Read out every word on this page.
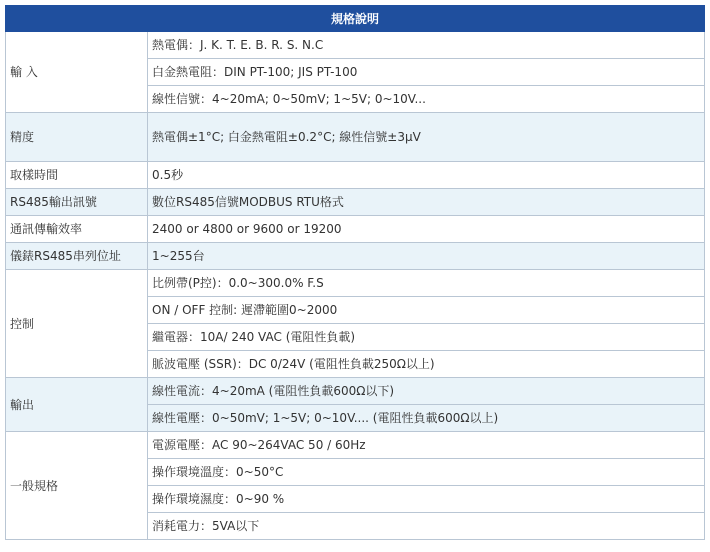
規格說明	
輸 入	熱電偶：J. K. T. E. B. R. S. N.C
	白金熱電阻：DIN PT-100; JIS PT-100
	線性信號：4~20mA; 0~50mV; 1~5V; 0~10V...
精度	熱電偶±1°C; 白金熱電阻±0.2°C; 線性信號±3μV
取樣時間	0.5秒
RS485輸出訊號	數位RS485信號MODBUS RTU格式
通訊傳輸效率	2400 or 4800 or 9600 or 19200
儀錶RS485串列位址	1~255台
控制	比例帶(P控)：0.0~300.0% F.S
	ON / OFF 控制: 遲滯範圍0~2000
	繼電器：10A/ 240 VAC (電阻性負載)
	脈波電壓 (SSR)：DC 0/24V (電阻性負載250Ω以上)
輸出	線性電流：4~20mA (電阻性負載600Ω以下)
	線性電壓：0~50mV; 1~5V; 0~10V.... (電阻性負載600Ω以上)
一般規格	電源電壓：AC 90~264VAC 50 / 60Hz
	操作環境溫度：0~50°C
	操作環境濕度：0~90 %
	消耗電力：5VA以下
